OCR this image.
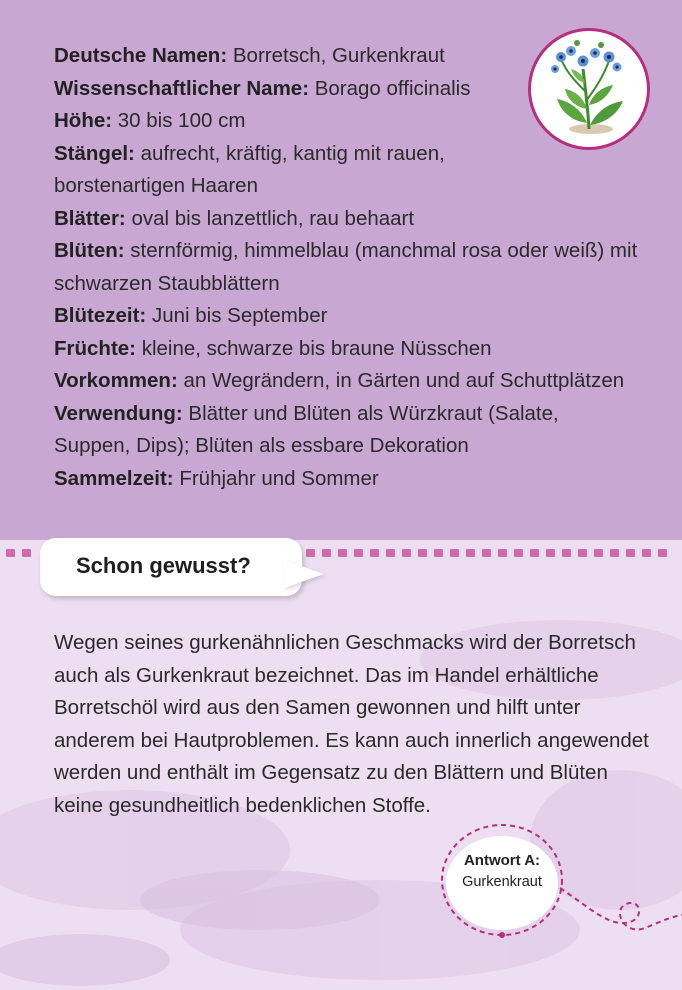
Deutsche Namen: Borretsch, Gurkenkraut

Wissenschaftlicher Name: Borago officinalis

Höhe: 30 bis 100 cm

Stängel: aufrecht, kräftig, kantig mit rauen, borstenartigen Haaren

Blätter: oval bis lanzettlich, rau behaart

Blüten: sternförmig, himmelblau (manchmal rosa oder weiß) mit schwarzen Staubblättern

Blütezeit: Juni bis September

Früchte: kleine, schwarze bis braune Nüsschen

Vorkommen: an Wegrändern, in Gärten und auf Schuttplätzen

Verwendung: Blätter und Blüten als Würzkraut (Salate, Suppen, Dips); Blüten als essbare Dekoration

Sammelzeit: Frühjahr und Sommer

Schon gewusst?

Wegen seines gurkenähnlichen Geschmacks wird der Borretsch auch als Gurkenkraut bezeichnet. Das im Handel erhältliche Borretschöl wird aus den Samen gewonnen und hilft unter anderem bei Hautproblemen. Es kann auch innerlich angewendet werden und enthält im Gegensatz zu den Blättern und Blüten keine gesundheitlich bedenklichen Stoffe.

Antwort A:
Gurkenkraut
